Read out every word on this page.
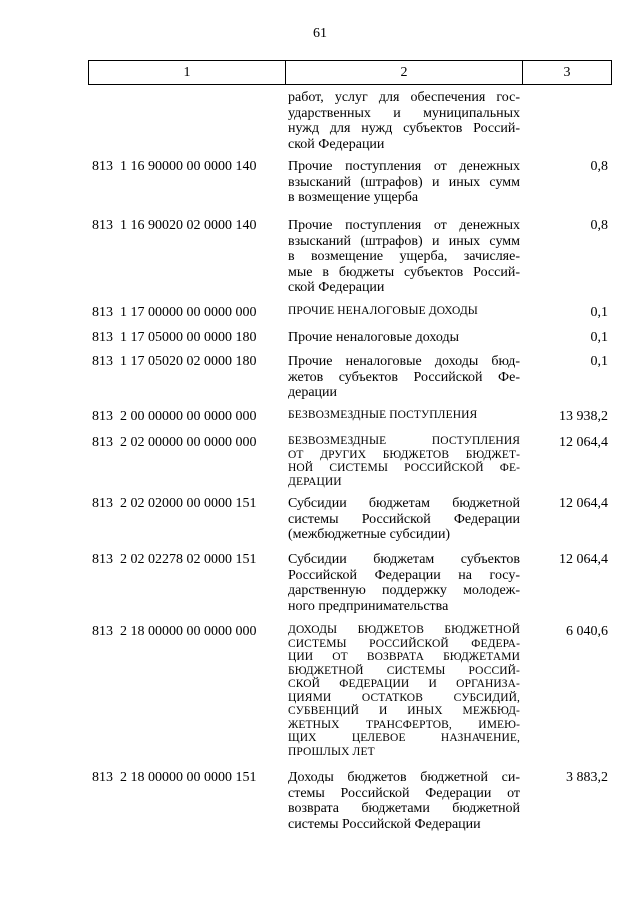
61
1	2	3
работ, услуг для обеспечения гос-
ударственных и муниципальных
нужд для нужд субъектов Россий-
ской Федерации
813  1 16 90000 00 0000 140 Прочие поступления от денежных
взысканий (штрафов) и иных сумм
в возмещение ущерба
0,8
813  1 16 90020 02 0000 140 Прочие поступления от денежных
взысканий (штрафов) и иных сумм
в возмещение ущерба, зачисляе-
мые в бюджеты субъектов Россий-
ской Федерации
0,8
813  1 17 00000 00 0000 000	ПРОЧИЕ НЕНАЛОГОВЫЕ ДОХОДЫ	0,1
813  1 17 05000 00 0000 180 Прочие неналоговые доходы	0,1
813  1 17 05020 02 0000 180 Прочие неналоговые доходы бюд-
жетов субъектов Российской Фе-
дерации
0,1
813  2 00 00000 00 0000 000	БЕЗВОЗМЕЗДНЫЕ ПОСТУПЛЕНИЯ	13 938,2
813  2 02 00000 00 0000 000	БЕЗВОЗМЕЗДНЫЕ ПОСТУПЛЕНИЯ
ОТ ДРУГИХ БЮДЖЕТОВ БЮДЖЕТ-
НОЙ СИСТЕМЫ РОССИЙСКОЙ ФЕ-
ДЕРАЦИИ
12 064,4
813  2 02 02000 00 0000 151 Субсидии бюджетам бюджетной
системы Российской Федерации
(межбюджетные субсидии)
12 064,4
813  2 02 02278 02 0000 151 Субсидии бюджетам субъектов
Российской Федерации на госу-
дарственную поддержку молодеж-
ного предпринимательства
12 064,4
813  2 18 00000 00 0000 000	ДОХОДЫ БЮДЖЕТОВ БЮДЖЕТНОЙ
СИСТЕМЫ РОССИЙСКОЙ ФЕДЕРА-
ЦИИ ОТ ВОЗВРАТА БЮДЖЕТАМИ
БЮДЖЕТНОЙ СИСТЕМЫ РОССИЙ-
СКОЙ ФЕДЕРАЦИИ И ОРГАНИЗА-
ЦИЯМИ ОСТАТКОВ СУБСИДИЙ,
СУБВЕНЦИЙ И ИНЫХ МЕЖБЮД-
ЖЕТНЫХ ТРАНСФЕРТОВ, ИМЕЮ-
ЩИХ ЦЕЛЕВОЕ НАЗНАЧЕНИЕ,
ПРОШЛЫХ ЛЕТ
6 040,6
813  2 18 00000 00 0000 151 Доходы бюджетов бюджетной си-
стемы Российской Федерации от
возврата бюджетами бюджетной
системы Российской Федерации
3 883,2
